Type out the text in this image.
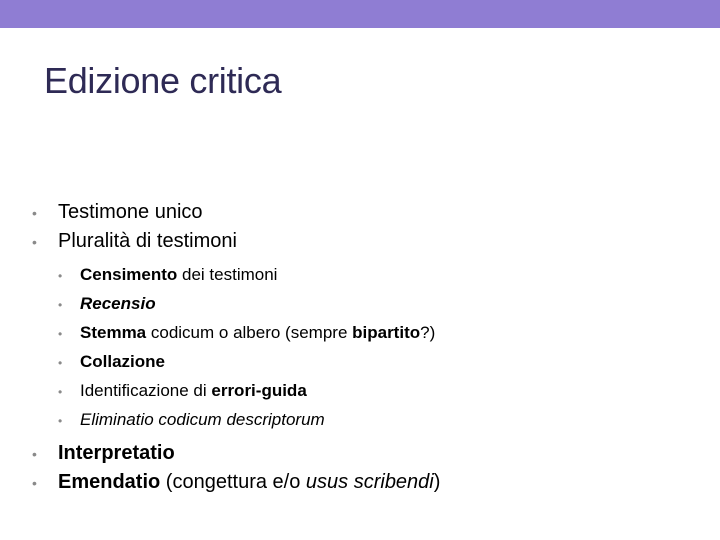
Edizione critica
•	Testimone unico
•	Pluralità di testimoni
•	Censimento dei testimoni
•	Recensio
•	Stemma codicum o albero (sempre bipartito?)
•	Collazione
•	Identificazione di errori-guida
•	Eliminatio codicum descriptorum
•	Interpretatio
•	Emendatio (congettura e/o usus scribendi)
